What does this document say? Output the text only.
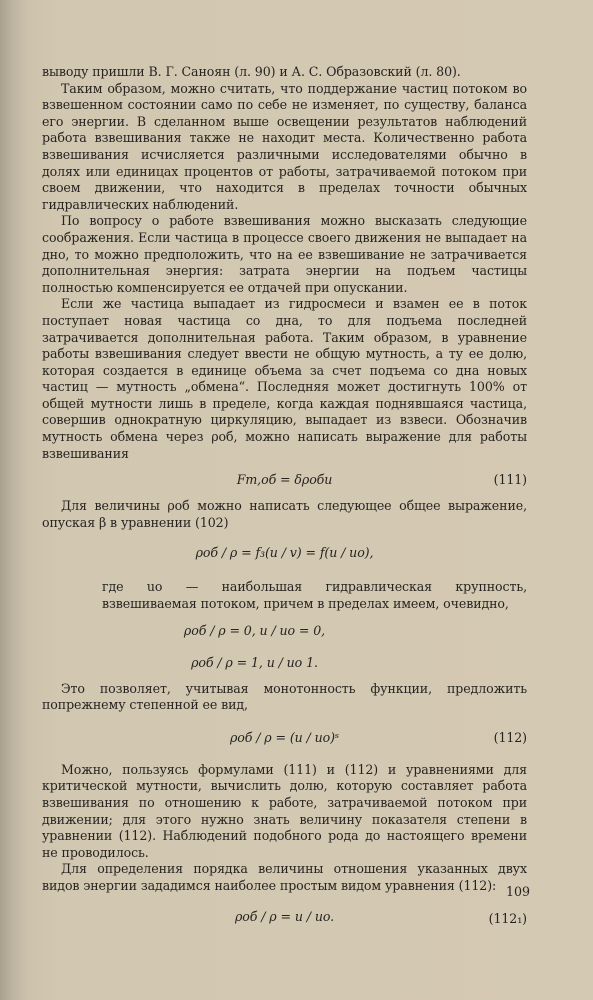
выводу пришли В. Г. Саноян (л. 90) и А. С. Образовский (л. 80).

Таким образом, можно считать, что поддержание частиц потоком во взвешенном состоянии само по себе не изменяет, по существу, баланса его энергии. В сделанном выше освещении результатов наблюдений работа взвешивания также не находит места. Количественно работа взвешивания исчисляется различными исследователями обычно в долях или единицах процентов от работы, затрачиваемой потоком при своем движении, что находится в пределах точности обычных гидравлических наблюдений.

По вопросу о работе взвешивания можно высказать следующие соображения. Если частица в процессе своего движения не выпадает на дно, то можно предположить, что на ее взвешивание не затрачивается дополнительная энергия: затрата энергии на подъем частицы полностью компенсируется ее отдачей при опускании.

Если же частица выпадает из гидросмеси и взамен ее в поток поступает новая частица со дна, то для подъема последней затрачивается дополнительная работа. Таким образом, в уравнение работы взвешивания следует ввести не общую мутность, а ту ее долю, которая создается в единице объема за счет подъема со дна новых частиц — мутность „обмена“. Последняя может достигнуть 100% от общей мутности лишь в пределе, когда каждая поднявшаяся частица, совершив однократную циркуляцию, выпадает из взвеси. Обозначив мутность обмена через ρоб, можно написать выражение для работы взвешивания

Fт,об = δρобu	(111)

Для величины ρоб можно написать следующее общее выражение, опуская β в уравнении (102)

ρоб / ρ = f₃(u / v) = f(u / uo),

где uo — наибольшая гидравлическая крупность, взвешиваемая потоком, причем в пределах имеем, очевидно,

ρоб / ρ = 0, u / uo = 0,
ρоб / ρ = 1, u / uo 1.

Это позволяет, учитывая монотонность функции, предложить попрежнему степенной ее вид,

ρоб / ρ = (u / uo)ˢ	(112)

Можно, пользуясь формулами (111) и (112) и уравнениями для критической мутности, вычислить долю, которую составляет работа взвешивания по отношению к работе, затрачиваемой потоком при движении; для этого нужно знать величину показателя степени в уравнении (112). Наблюдений подобного рода до настоящего времени не проводилось.

Для определения порядка величины отношения указанных двух видов энергии зададимся наиболее простым видом уравнения (112):

ρоб / ρ = u / uo.	(112₁)
109
